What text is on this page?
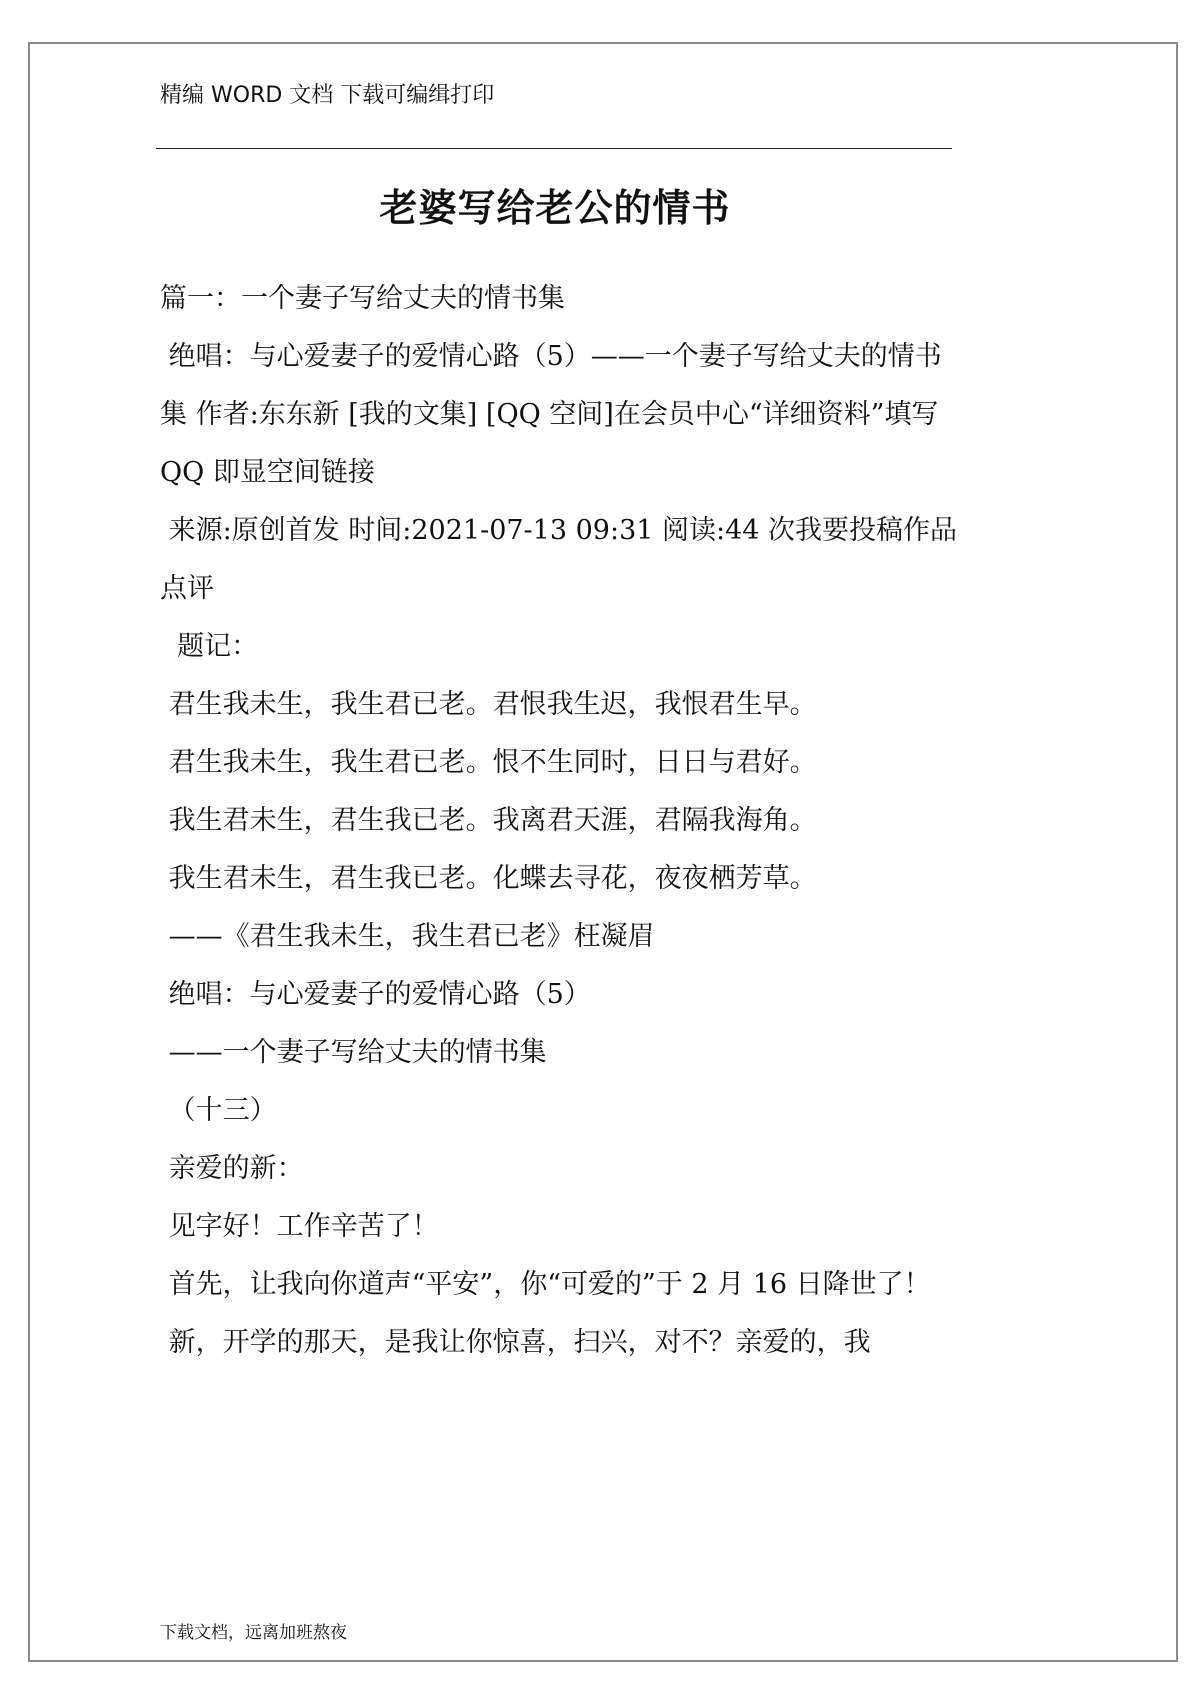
精编 WORD 文档 下载可编缉打印
老婆写给老公的情书

篇一：一个妻子写给丈夫的情书集

绝唱：与心爱妻子的爱情心路（5）——一个妻子写给丈夫的情书集 作者:东东新 [我的文集] [QQ 空间]在会员中心“详细资料”填写 QQ 即显空间链接

来源:原创首发 时间:2021-07-13 09:31 阅读:44 次我要投稿作品点评

题记：

君生我未生，我生君已老。君恨我生迟，我恨君生早。

君生我未生，我生君已老。恨不生同时，日日与君好。

我生君未生，君生我已老。我离君天涯，君隔我海角。

我生君未生，君生我已老。化蝶去寻花，夜夜栖芳草。

——《君生我未生，我生君已老》枉凝眉

绝唱：与心爱妻子的爱情心路（5）

——一个妻子写给丈夫的情书集

（十三）

亲爱的新：

见字好！工作辛苦了！

首先，让我向你道声“平安”，你“可爱的”于 2 月 16 日降世了！

新，开学的那天，是我让你惊喜，扫兴，对不？亲爱的，我

下载文档，远离加班熬夜
